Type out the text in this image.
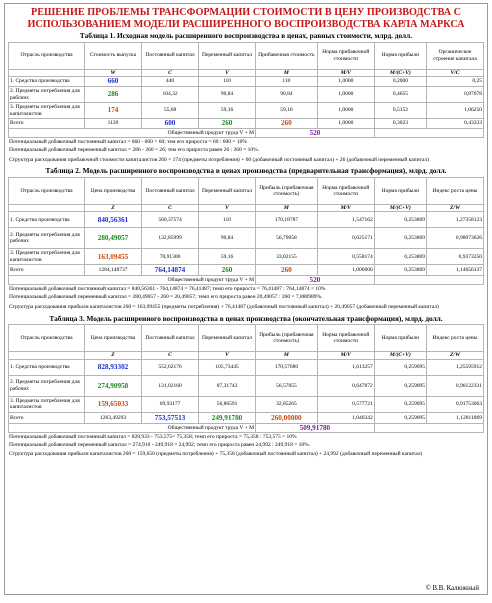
РЕШЕНИЕ ПРОБЛЕМЫ ТРАНСФОРМАЦИИ СТОИМОСТИ В ЦЕНУ ПРОИЗВОДСТВА С ИСПОЛЬЗОВАНИЕМ МОДЕЛИ РАСШИРЕННОГО ВОСПРОИЗВОДСТВА КАРЛА МАРКСА
Таблица 1. Исходная модель расширенного воспроизводства в ценах, равных стоимости, млрд. долл.
Отрасль производства	Стоимость выпуска	Постоянный капитал	Переменный капитал	Прибавочная стоимость	Норма прибавочной стоимости	Норма прибыли	Органическое строение капитала
	W	C	V	M	M/V	M/(C+V)	V/C
1. Средства производства	660	440	110	110	1,0000	0,2000	0,25
2. Предметы потребления для рабочих	286	104,32	90,84	90,84	1,0000	0,4655	0,87078
3. Предметы потребления для капиталистов	174	55,68	59,16	59,16	1,0000	0,5152	1,06250
Всего	1120	600	260	260	1,0000	0,3023	0,43333
Общественный продукт труда V + M				520			
Потенциальный добавочный постоянный капитал = 660 - 600 = 60; тем его прироста = 60 : 600 = 10%
Потенциальный добавочный переменный капитал = 286 - 260 = 26; тем его прироста равен 26 : 260 = 10%.
Структура расходования прибавочной стоимости капиталистов 260 = 174 (предметы потребления) + 60 (добавочный постоянный капитал) + 26 (добавочный переменный капитал)
Таблица 2. Модель расширенного воспроизводства в ценах производства (предварительная трансформация), млрд. долл.
Отрасль производства	Цена производства	Постоянный капитал	Переменный капитал	Прибыль (прибавочная стоимость)	Норма прибавочной стоимости	Норма прибыли	Индекс роста цены
	Z	C	V	M	M/V	M/(C+V)	Z/W
1. Средства производства	840,56361	560,37574	110	170,18787	1,547162	0,253869	1,27358123
2. Предметы потребления для рабочих	280,49057	132,85999	90,84	56,79058	0,625171	0,253869	0,98073626
3. Предметы потребления для капиталистов	163,09455	70,91300	59,16	33,02155	0,558174	0,253869	0,9373250
Всего	1284,148737	764,14874	260	260	1,000000	0,253869	1,14656137
Общественный продукт труда V + M				520			
Потенциальный добавочный постоянный капитал = 840,56361 - 764,14874 = 76,41487; темп его прироста = 76,41487 : 764,14874 = 10%
Потенциальный добавочный переменный капитал = 280,49057 - 260 = 20,49057; темп его прироста равен 20,49057 : 260 = 7,880989%.
Структура расходования прибыли капиталистов 260 = 163,09455 (предметы потребления) + 76,41487 (добавочный постоянный капитал) + 20,49057 (добавочный переменный капитал)
Таблица 3. Модель расширенного воспроизводства в ценах производства (окончательная трансформация), млрд. долл.
Отрасль производства	Цена производства	Постоянный капитал	Переменный капитал	Прибыль (прибавочная стоимость)	Норма прибавочной стоимости	Норма прибыли	Индекс роста цены
	Z	C	V	M	M/V	M/(C+V)	Z/W
1. Средства производства	828,93302	552,62176	105,73445	170,57680	1,613257	0,259095	1,25595912
2. Предметы потребления для рабочих	274,90958	131,02160	87,31743	56,57055	0,647872	0,259095	0,96122331
3. Предметы потребления для капиталистов	159,65033	69,93177	56,86591	32,85265	0,577721	0,259095	0,91753063
Всего	1263,49293	753,57513	249,91780	260,00000	1,040342	0,259095	1,12811869
Общественный продукт труда V + M				509,91780			
Потенциальный добавочный постоянный капитал = 828,933 - 753,575= 75,358; темп его прироста = 75,358 : 753,575 = 10%
Потенциальный добавочный переменный капитал = 274,910 - 249,918 = 24,992; темп его прироста равен 24,992 : 249,918 = 10%.
Структура расходования прибыли капиталистов 260 = 159,650 (предметы потребления) + 75,358 (добавочный постоянный капитал) + 24,992 (добавочный переменный капитал)
© В.В. Калюжный
